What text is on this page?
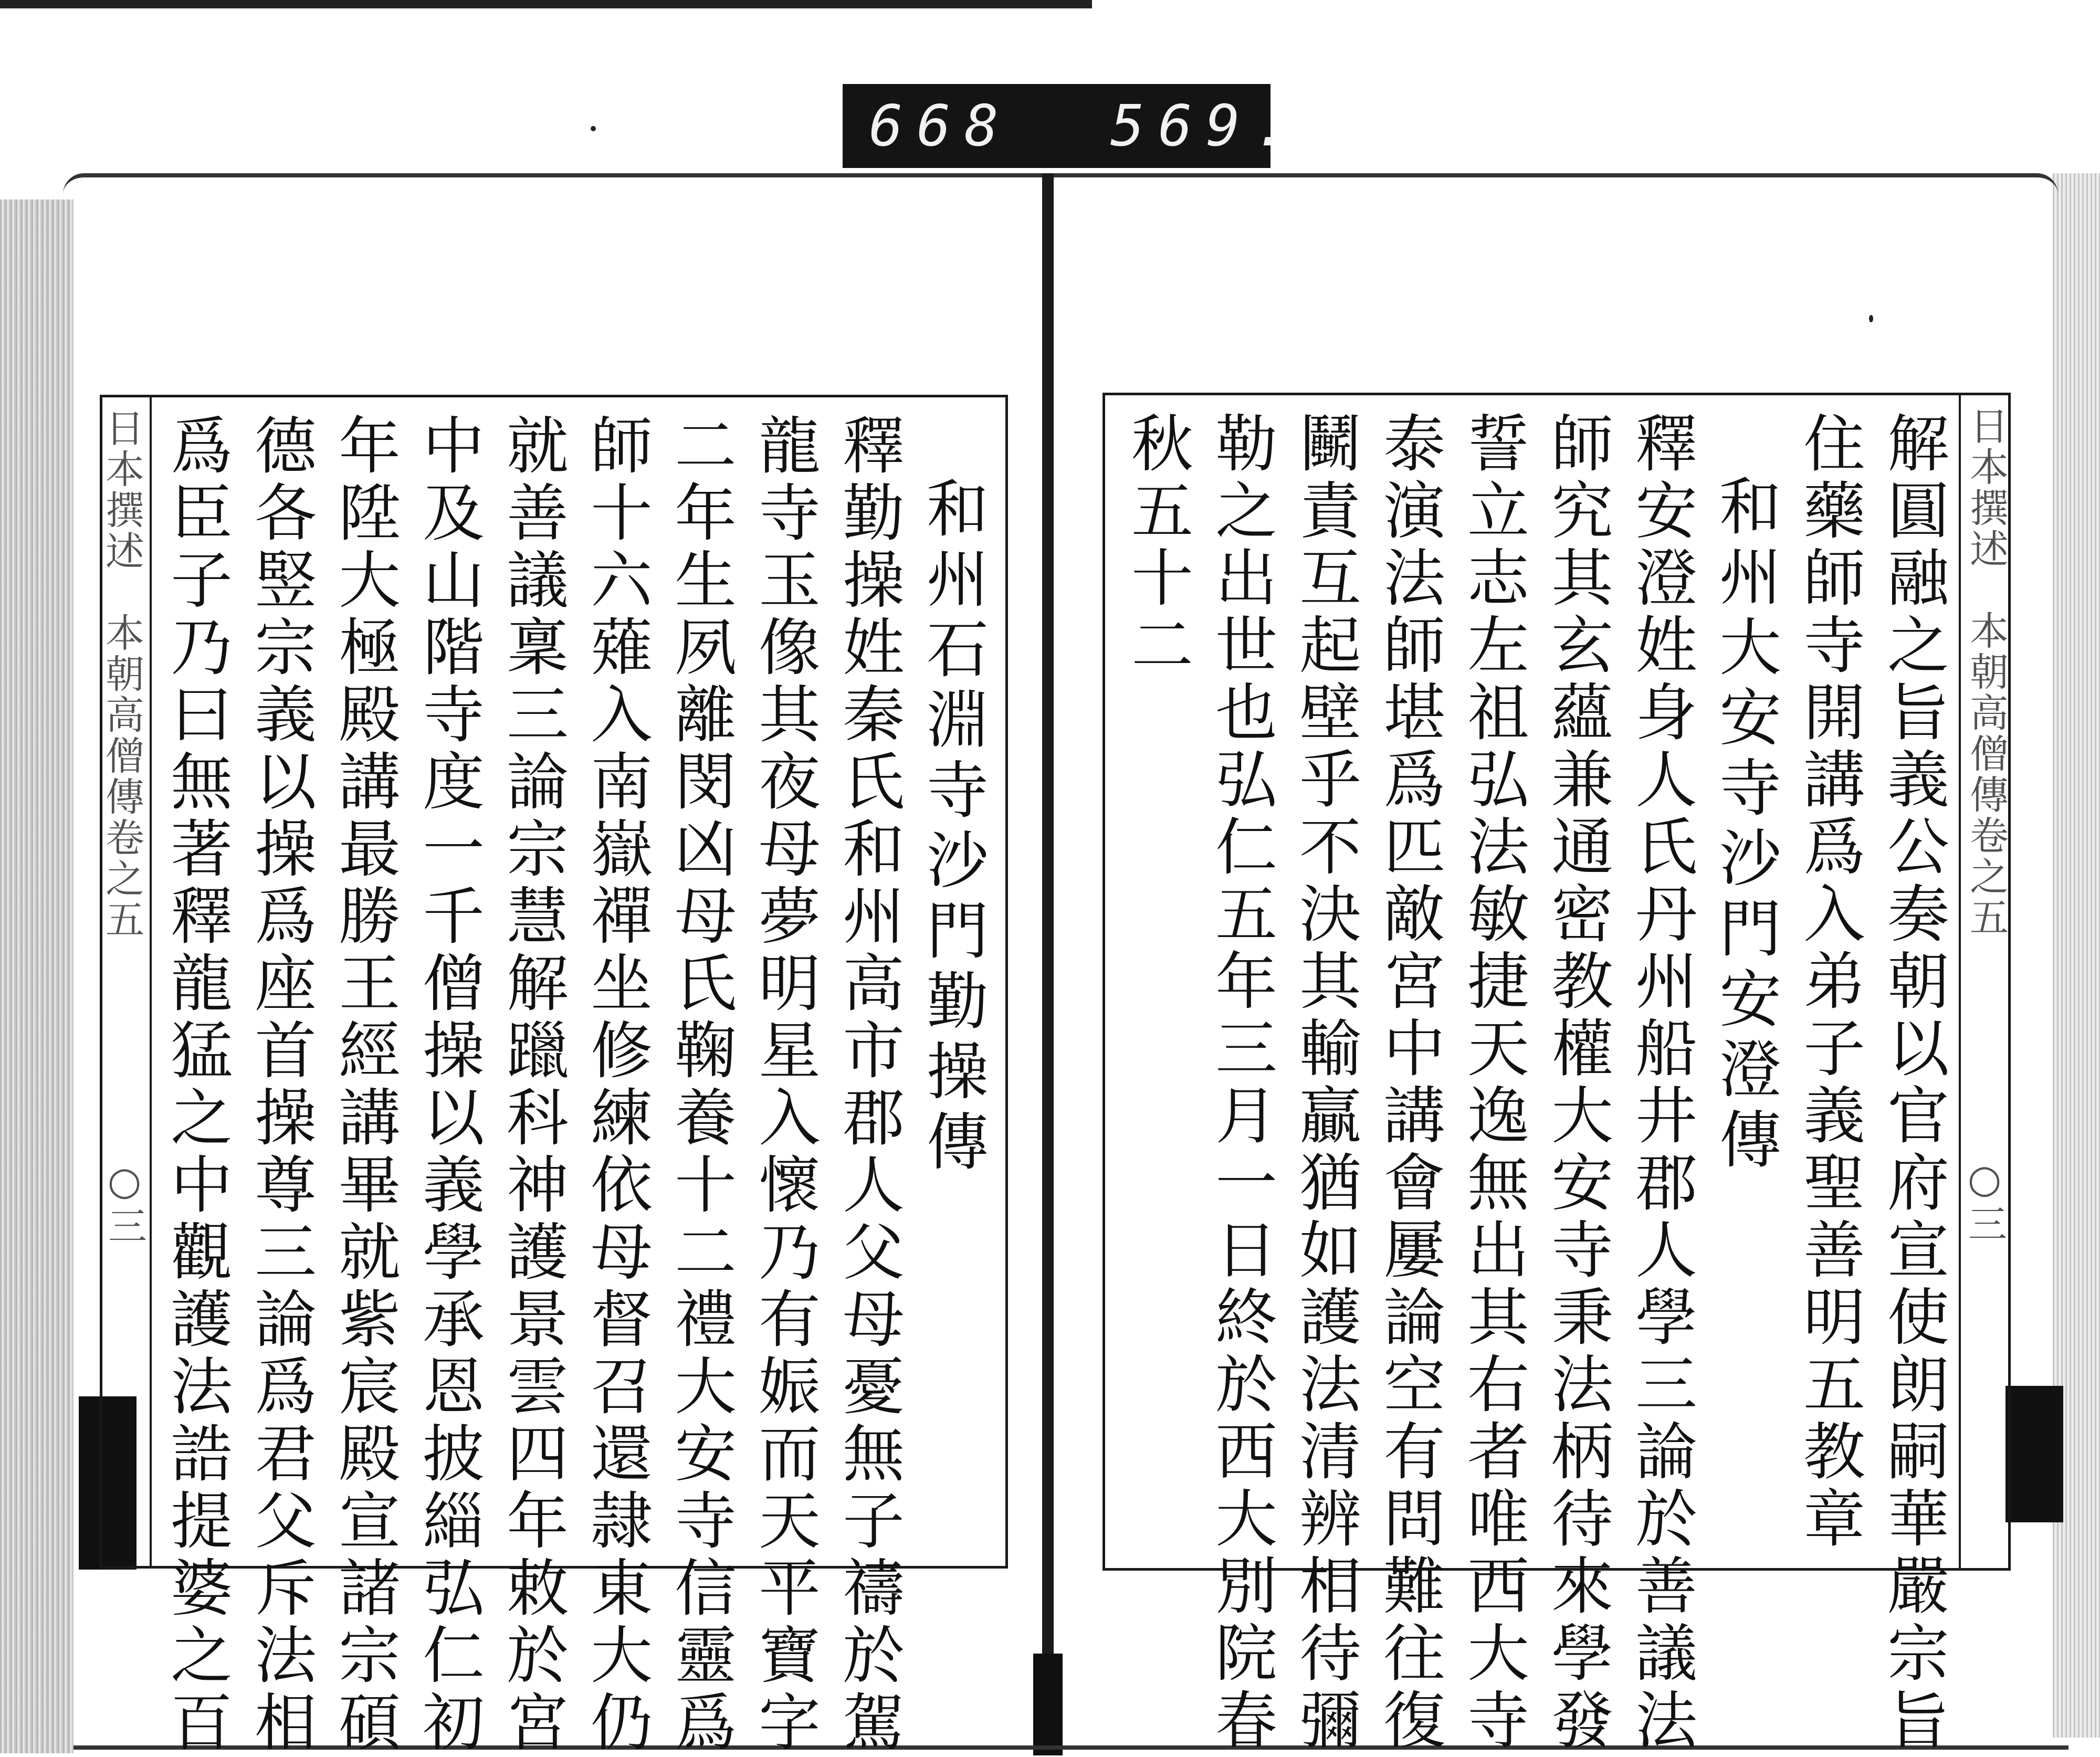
668 569.
日本撰述　本朝高僧傳卷之五
○三
和州石淵寺沙門勤操傳
釋勤操姓秦氏和州高市郡人父母憂無子禱於駕
龍寺玉像其夜母夢明星入懷乃有娠而天平寶字
二年生夙離閔凶母氏鞠養十二禮大安寺信靈爲
師十六薙入南嶽禪坐修練依母督召還隷東大仍
就善議稟三論宗慧解躐科神護景雲四年敕於宮
中及山階寺度一千僧操以義學承恩披緇弘仁初
年陞大極殿講最勝王經講畢就紫宸殿宣諸宗碩
德各竪宗義以操爲座首操尊三論爲君父斥法相
爲臣子乃曰無著釋龍猛之中觀護法誥提婆之百	日本撰述　本朝高僧傳卷之五
○三
解圓融之旨義公奏朝以官府宣使朗嗣華嚴宗旨
住藥師寺開講爲入弟子義聖善明五教章
和州大安寺沙門安澄傳
釋安澄姓身人氏丹州船井郡人學三論於善議法
師究其玄蘊兼通密教權大安寺秉法柄待來學發
誓立志左祖弘法敏捷天逸無出其右者唯西大寺
泰演法師堪爲匹敵宮中講會屢論空有問難往復
鬭責互起壁乎不決其輸贏猶如護法清辨相待彌
勒之出世也弘仁五年三月一日終於西大別院春
秋五十二
